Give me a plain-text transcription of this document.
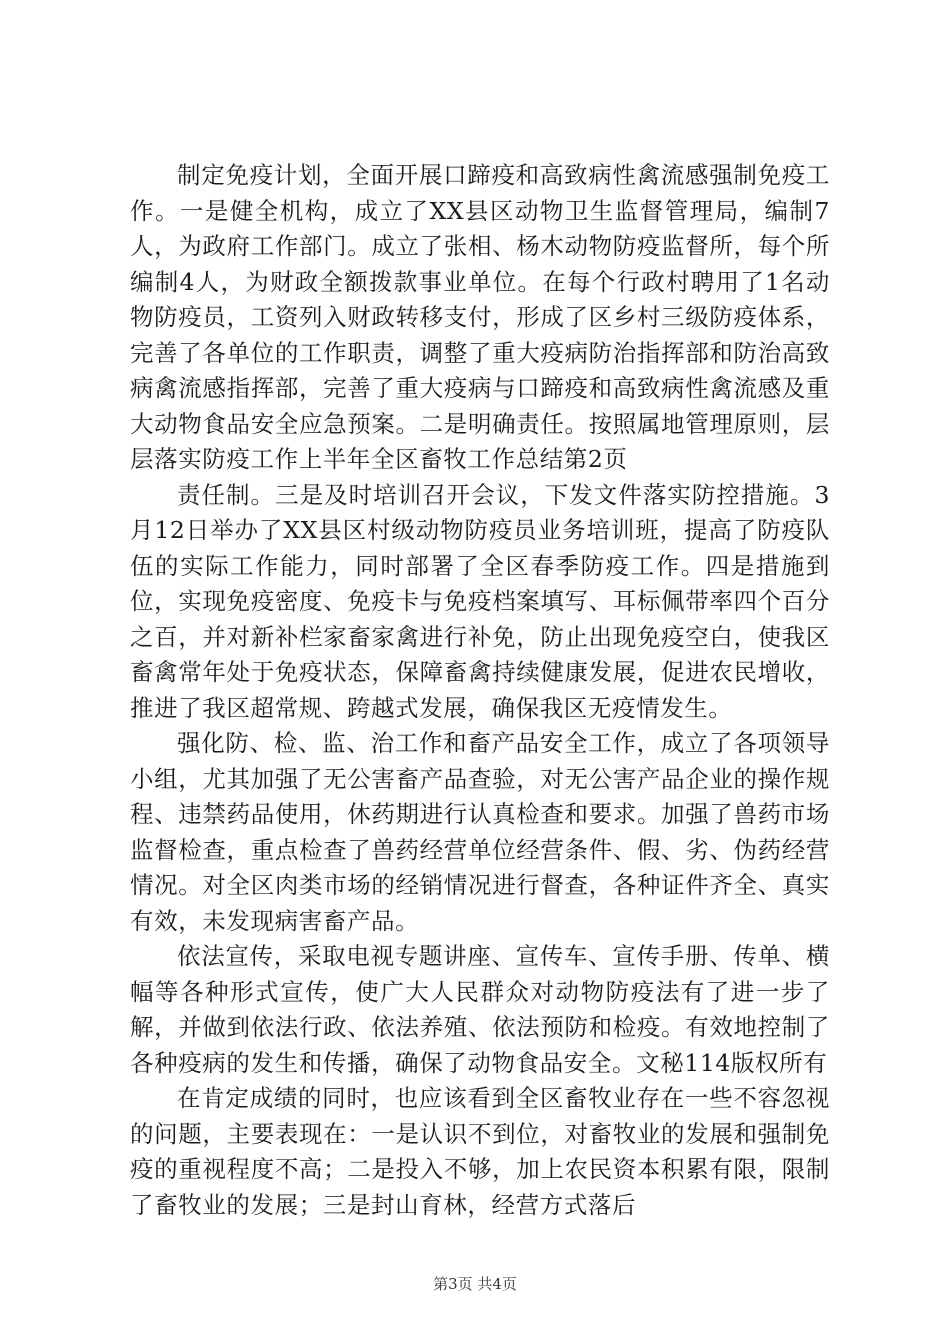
制定免疫计划，全面开展口蹄疫和高致病性禽流感强制免疫工作。一是健全机构，成立了XX县区动物卫生监督管理局，编制7人，为政府工作部门。成立了张相、杨木动物防疫监督所，每个所编制4人，为财政全额拨款事业单位。在每个行政村聘用了1名动物防疫员，工资列入财政转移支付，形成了区乡村三级防疫体系，完善了各单位的工作职责，调整了重大疫病防治指挥部和防治高致病禽流感指挥部，完善了重大疫病与口蹄疫和高致病性禽流感及重大动物食品安全应急预案。二是明确责任。按照属地管理原则，层层落实防疫工作上半年全区畜牧工作总结第2页

责任制。三是及时培训召开会议，下发文件落实防控措施。3月12日举办了XX县区村级动物防疫员业务培训班，提高了防疫队伍的实际工作能力，同时部署了全区春季防疫工作。四是措施到位，实现免疫密度、免疫卡与免疫档案填写、耳标佩带率四个百分之百，并对新补栏家畜家禽进行补免，防止出现免疫空白，使我区畜禽常年处于免疫状态，保障畜禽持续健康发展，促进农民增收，推进了我区超常规、跨越式发展，确保我区无疫情发生。

强化防、检、监、治工作和畜产品安全工作，成立了各项领导小组，尤其加强了无公害畜产品查验，对无公害产品企业的操作规程、违禁药品使用，休药期进行认真检查和要求。加强了兽药市场监督检查，重点检查了兽药经营单位经营条件、假、劣、伪药经营情况。对全区肉类市场的经销情况进行督查，各种证件齐全、真实有效，未发现病害畜产品。

依法宣传，采取电视专题讲座、宣传车、宣传手册、传单、横幅等各种形式宣传，使广大人民群众对动物防疫法有了进一步了解，并做到依法行政、依法养殖、依法预防和检疫。有效地控制了各种疫病的发生和传播，确保了动物食品安全。文秘114版权所有

在肯定成绩的同时，也应该看到全区畜牧业存在一些不容忽视的问题，主要表现在：一是认识不到位，对畜牧业的发展和强制免疫的重视程度不高；二是投入不够，加上农民资本积累有限，限制了畜牧业的发展；三是封山育林，经营方式落后

第3页 共4页
